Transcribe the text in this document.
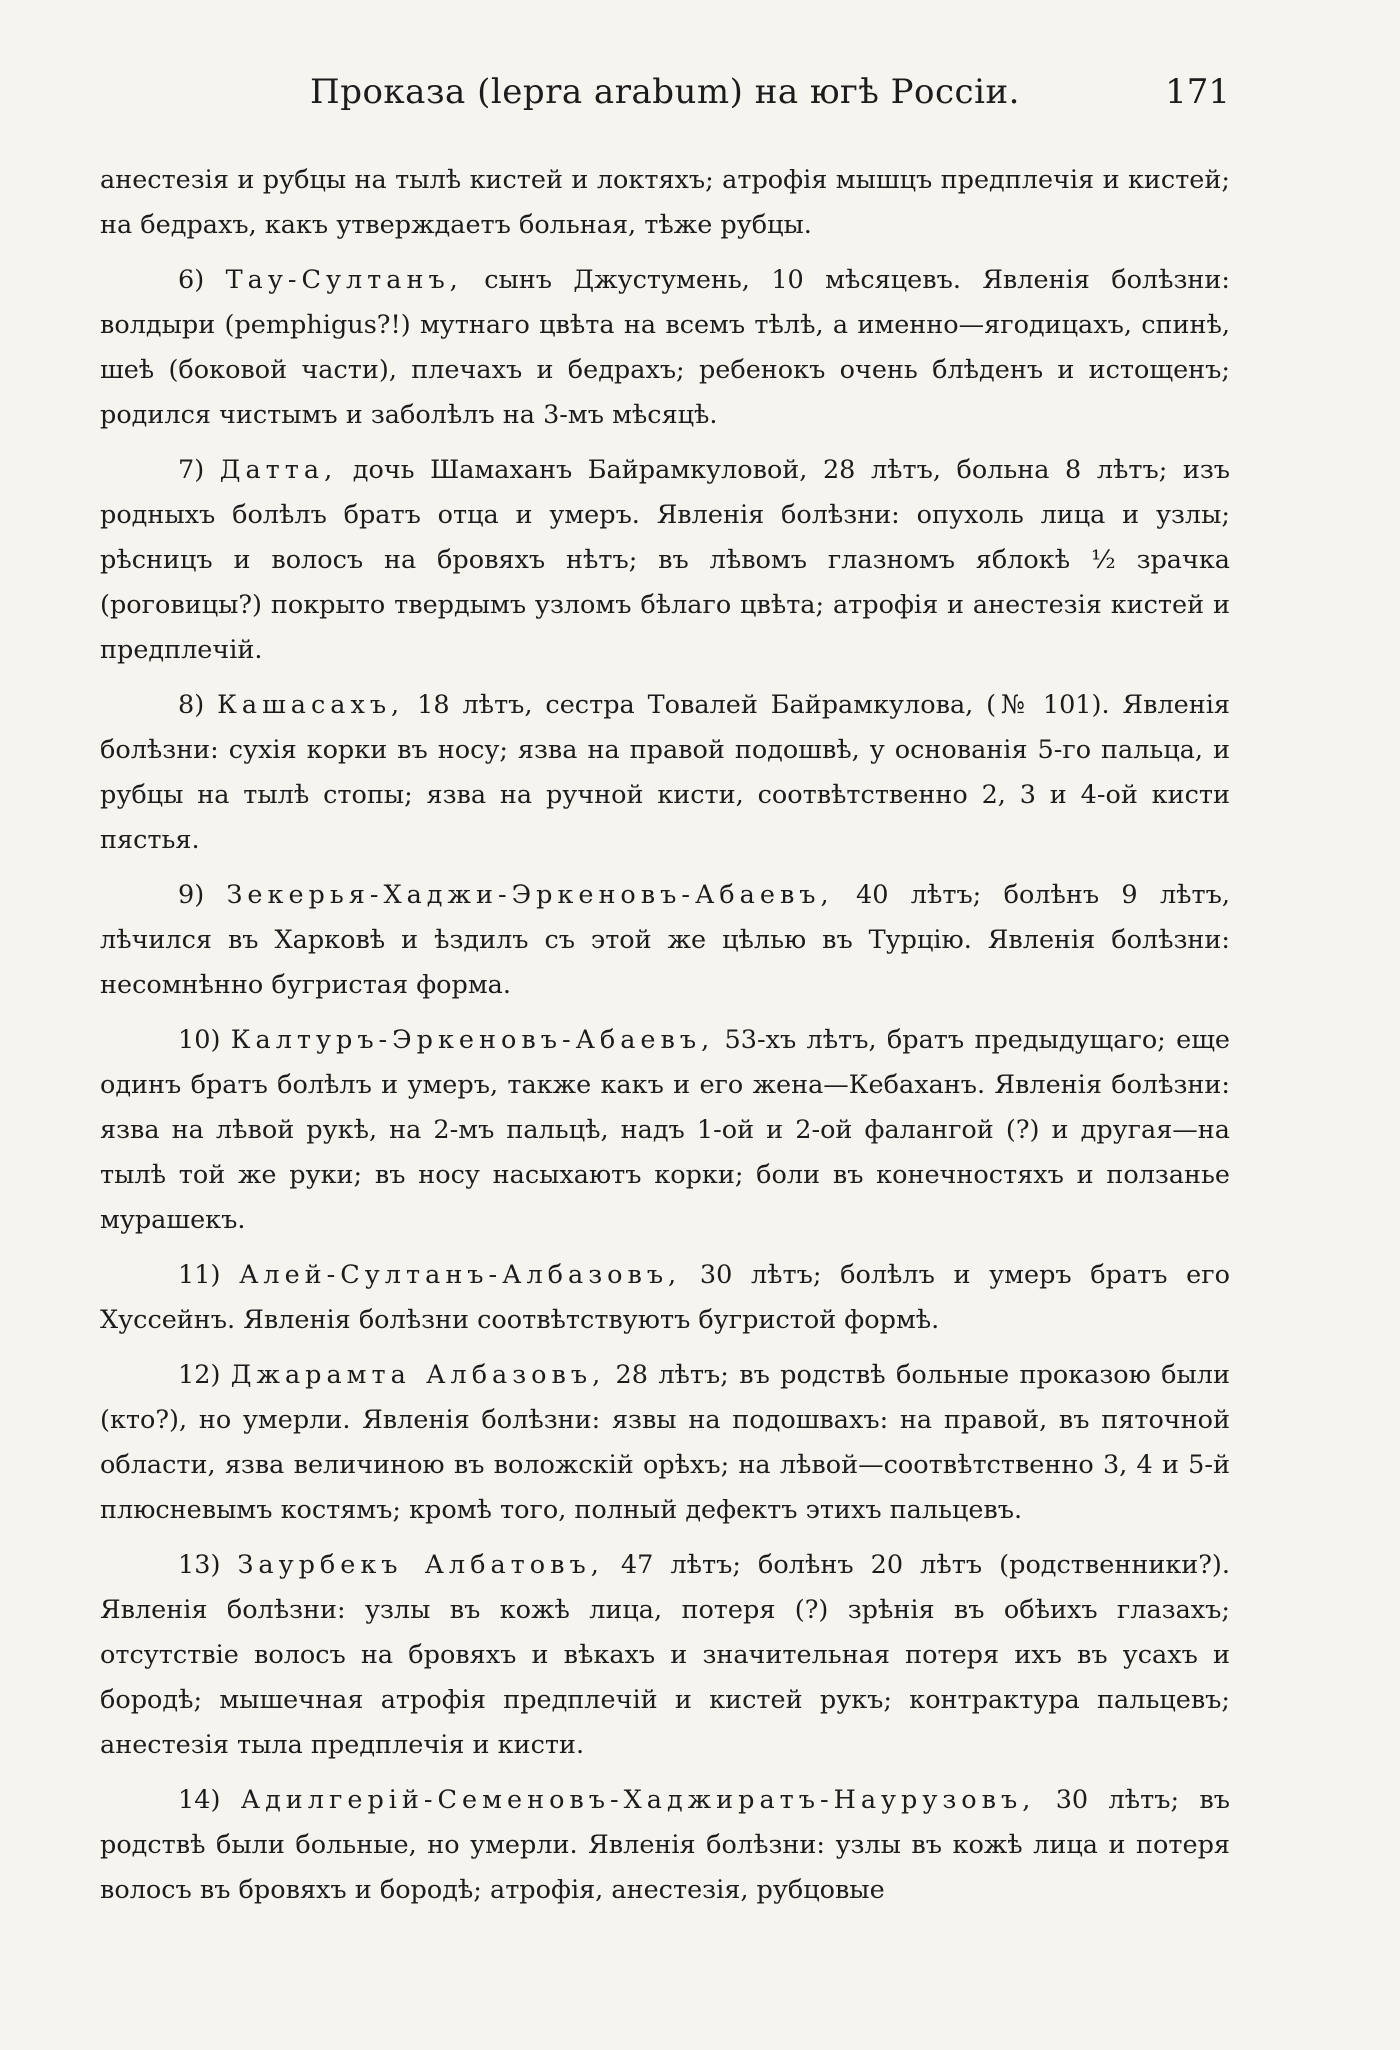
Проказа (lepra arabum) на югѣ Россіи.	171

анестезія и рубцы на тылѣ кистей и локтяхъ; атрофія мышцъ предплечія и кистей; на бедрахъ, какъ утверждаетъ больная, тѣже рубцы.

6) Тау-Султанъ, сынъ Джустумень, 10 мѣсяцевъ. Явленія болѣзни: волдыри (pemphigus?!) мутнаго цвѣта на всемъ тѣлѣ, а именно—ягодицахъ, спинѣ, шеѣ (боковой части), плечахъ и бедрахъ; ребенокъ очень блѣденъ и истощенъ; родился чистымъ и заболѣлъ на 3-мъ мѣсяцѣ.

7) Датта, дочь Шамаханъ Байрамкуловой, 28 лѣтъ, больна 8 лѣтъ; изъ родныхъ болѣлъ братъ отца и умеръ. Явленія болѣзни: опухоль лица и узлы; рѣсницъ и волосъ на бровяхъ нѣтъ; въ лѣвомъ глазномъ яблокѣ ½ зрачка (роговицы?) покрыто твердымъ узломъ бѣлаго цвѣта; атрофія и анестезія кистей и предплечій.

8) Кашасахъ, 18 лѣтъ, сестра Товалей Байрамкулова, (№ 101). Явленія болѣзни: сухія корки въ носу; язва на правой подошвѣ, у основанія 5-го пальца, и рубцы на тылѣ стопы; язва на ручной кисти, соотвѣтственно 2, 3 и 4-ой кисти пястья.

9) Зекерья-Хаджи-Эркеновъ-Абаевъ, 40 лѣтъ; болѣнъ 9 лѣтъ, лѣчился въ Харковѣ и ѣздилъ съ этой же цѣлью въ Турцію. Явленія болѣзни: несомнѣнно бугристая форма.

10) Калтуръ-Эркеновъ-Абаевъ, 53-хъ лѣтъ, братъ предыдущаго; еще одинъ братъ болѣлъ и умеръ, также какъ и его жена—Кебаханъ. Явленія болѣзни: язва на лѣвой рукѣ, на 2-мъ пальцѣ, надъ 1-ой и 2-ой фалангой (?) и другая—на тылѣ той же руки; въ носу насыхаютъ корки; боли въ конечностяхъ и ползанье мурашекъ.

11) Алей-Султанъ-Албазовъ, 30 лѣтъ; болѣлъ и умеръ братъ его Хуссейнъ. Явленія болѣзни соотвѣтствуютъ бугристой формѣ.

12) Джарамта Албазовъ, 28 лѣтъ; въ родствѣ больные проказою были (кто?), но умерли. Явленія болѣзни: язвы на подошвахъ: на правой, въ пяточной области, язва величиною въ воложскій орѣхъ; на лѣвой—соотвѣтственно 3, 4 и 5-й плюсневымъ костямъ; кромѣ того, полный дефектъ этихъ пальцевъ.

13) Заурбекъ Албатовъ, 47 лѣтъ; болѣнъ 20 лѣтъ (родственники?). Явленія болѣзни: узлы въ кожѣ лица, потеря (?) зрѣнія въ обѣихъ глазахъ; отсутствіе волосъ на бровяхъ и вѣкахъ и значительная потеря ихъ въ усахъ и бородѣ; мышечная атрофія предплечій и кистей рукъ; контрактура пальцевъ; анестезія тыла предплечія и кисти.

14) Адилгерій-Семеновъ-Хаджиратъ-Наурузовъ, 30 лѣтъ; въ родствѣ были больные, но умерли. Явленія болѣзни: узлы въ кожѣ лица и потеря волосъ въ бровяхъ и бородѣ; атрофія, анестезія, рубцовые
